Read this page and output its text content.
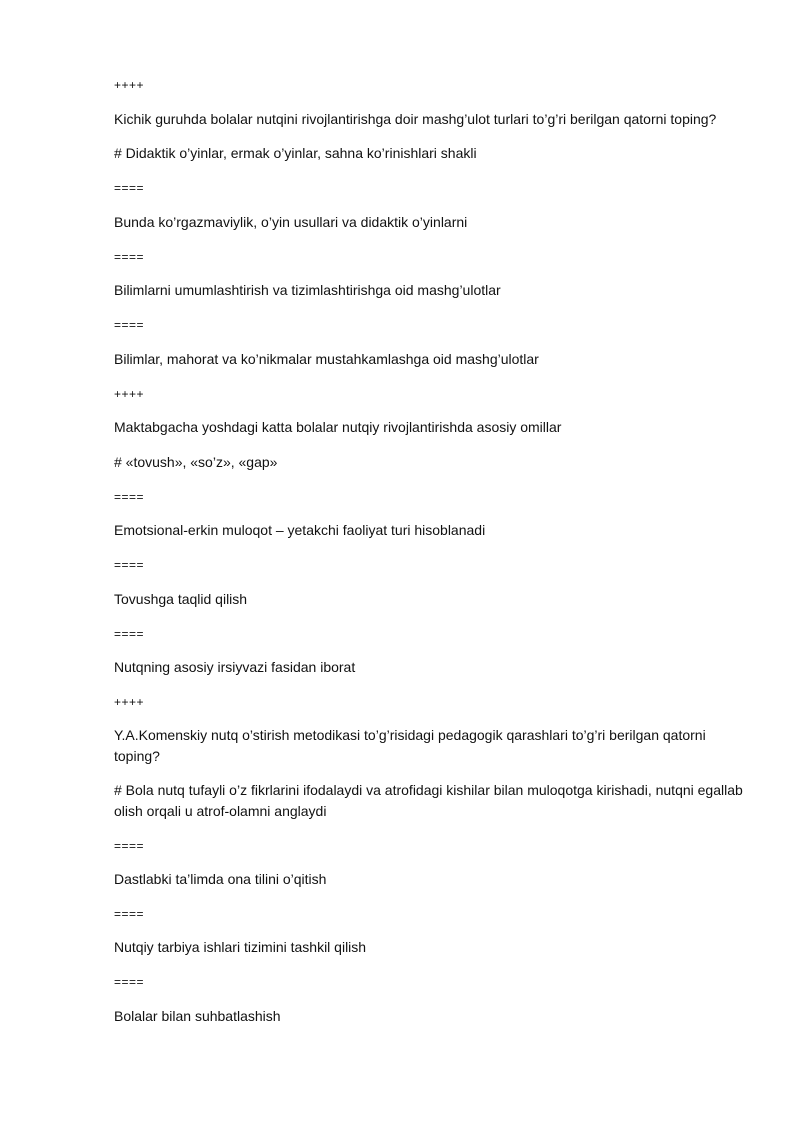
++++
Kichik guruhda bolalar nutqini rivojlantirishga doir mashg’ulot turlari to’g’ri berilgan qatorni toping?
# Didaktik o’yinlar, ermak o’yinlar, sahna ko’rinishlari shakli
====
Bunda ko’rgazmaviylik, o’yin usullari va didaktik o’yinlarni
====
Bilimlarni umumlashtirish va tizimlashtirishga oid mashg’ulotlar
====
Bilimlar, mahorat va ko’nikmalar mustahkamlashga oid mashg’ulotlar
++++
Maktabgacha yoshdagi katta bolalar nutqiy rivojlantirishda asosiy omillar
# «tovush», «so’z», «gap»
====
Emotsional-erkin muloqot – yetakchi faoliyat turi hisoblanadi
====
Tovushga taqlid qilish
====
Nutqning asosiy irsiyvazi fasidan iborat
++++
Y.A.Komenskiy nutq o’stirish metodikasi to’g’risidagi pedagogik qarashlari to’g’ri berilgan qatorni toping?
# Bola nutq tufayli o’z fikrlarini ifodalaydi va atrofidagi kishilar bilan muloqotga kirishadi, nutqni egallab olish orqali u atrof-olamni anglaydi
====
Dastlabki ta’limda ona tilini o’qitish
====
Nutqiy tarbiya ishlari tizimini tashkil qilish
====
Bolalar bilan suhbatlashish
